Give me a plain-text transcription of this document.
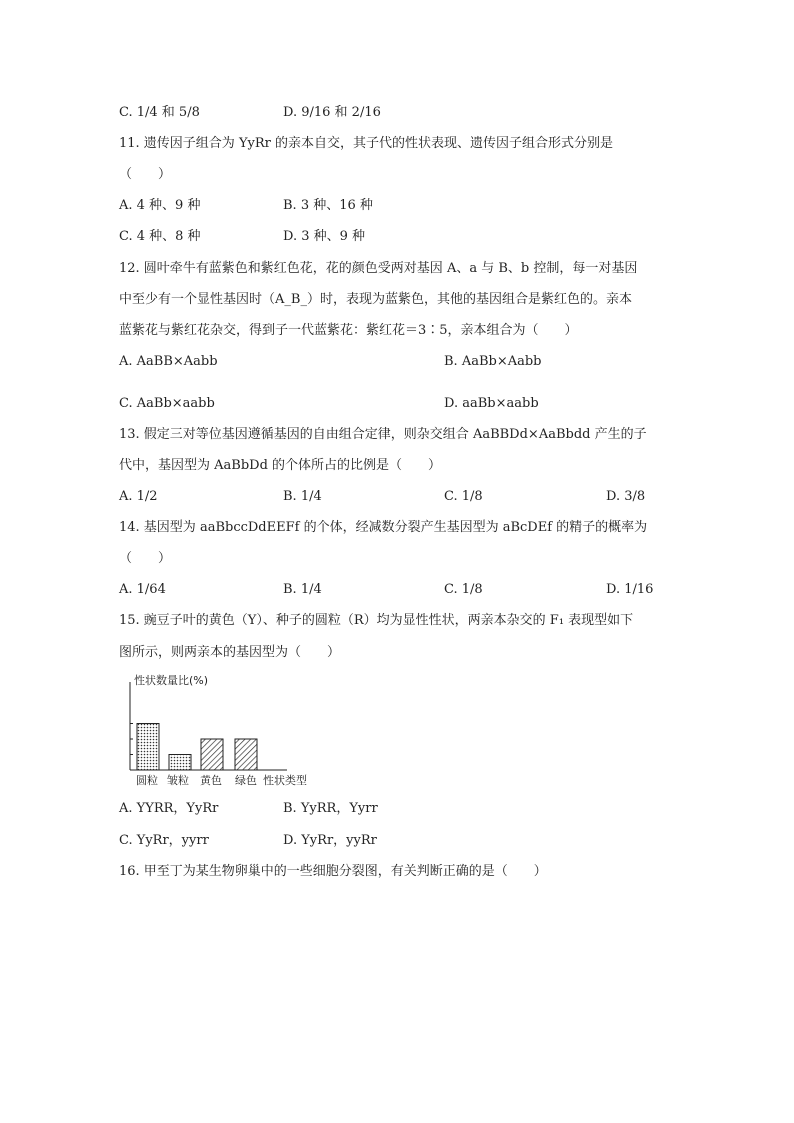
C. 1/4 和 5/8	D. 9/16 和 2/16
11. 遗传因子组合为 YyRr 的亲本自交，其子代的性状表现、遗传因子组合形式分别是
（　　）
A. 4 种、9 种	B. 3 种、16 种
C. 4 种、8 种	D. 3 种、9 种
12. 圆叶牵牛有蓝紫色和紫红色花，花的颜色受两对基因 A、a 与 B、b 控制，每一对基因
中至少有一个显性基因时（A_B_）时，表现为蓝紫色，其他的基因组合是紫红色的。亲本
蓝紫花与紫红花杂交，得到子一代蓝紫花：紫红花＝3∶5，亲本组合为（　　）
A. AaBB×Aabb	B. AaBb×Aabb
C. AaBb×aabb	D. aaBb×aabb
13. 假定三对等位基因遵循基因的自由组合定律，则杂交组合 AaBBDd×AaBbdd 产生的子
代中，基因型为 AaBbDd 的个体所占的比例是（　　）
A. 1/2	B. 1/4	C. 1/8	D. 3/8
14. 基因型为 aaBbccDdEEFf 的个体，经减数分裂产生基因型为 aBcDEf 的精子的概率为
（　　）
A. 1/64	B. 1/4	C. 1/8	D. 1/16
15. 豌豆子叶的黄色（Y）、种子的圆粒（R）均为显性性状，两亲本杂交的 F₁ 表现型如下
图所示，则两亲本的基因型为（　　）
性状数量比(%)
圆粒 皱粒 黄色 绿色 性状类型
A. YYRR，YyRr	B. YyRR，Yyrr
C. YyRr，yyrr	D. YyRr，yyRr
16. 甲至丁为某生物卵巢中的一些细胞分裂图，有关判断正确的是（　　）
